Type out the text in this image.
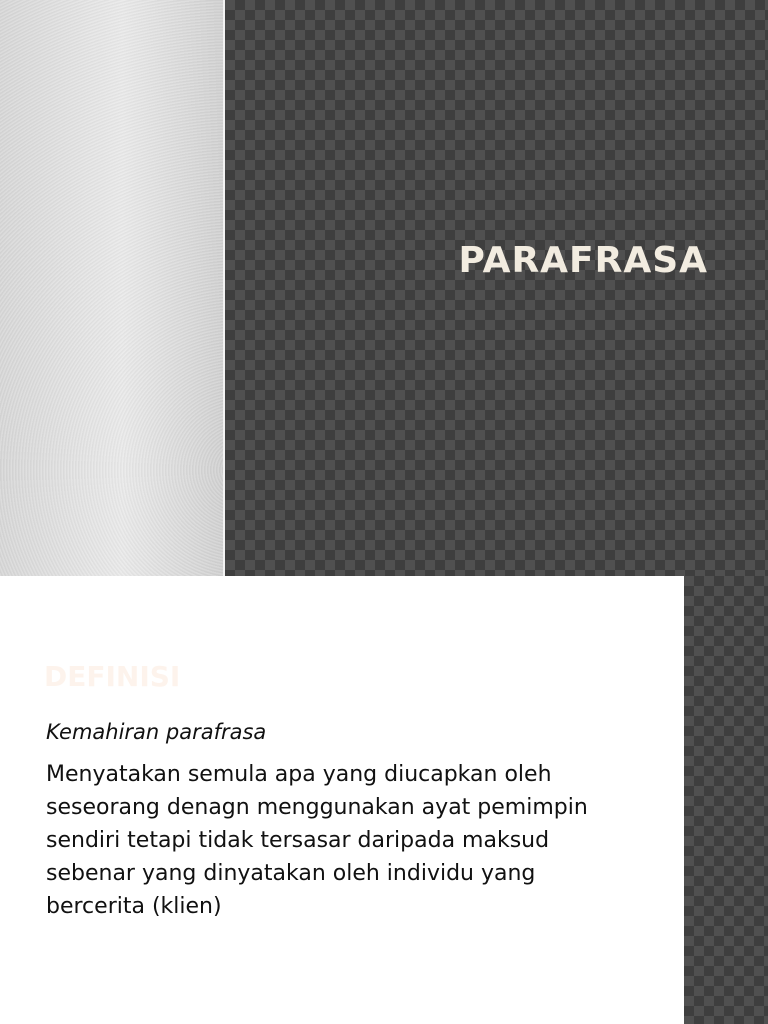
PARAFRASA
DEFINISI

Kemahiran parafrasa

Menyatakan semula apa yang diucapkan oleh seseorang denagn menggunakan ayat pemimpin sendiri tetapi tidak tersasar daripada maksud sebenar yang dinyatakan oleh individu yang bercerita (klien)
